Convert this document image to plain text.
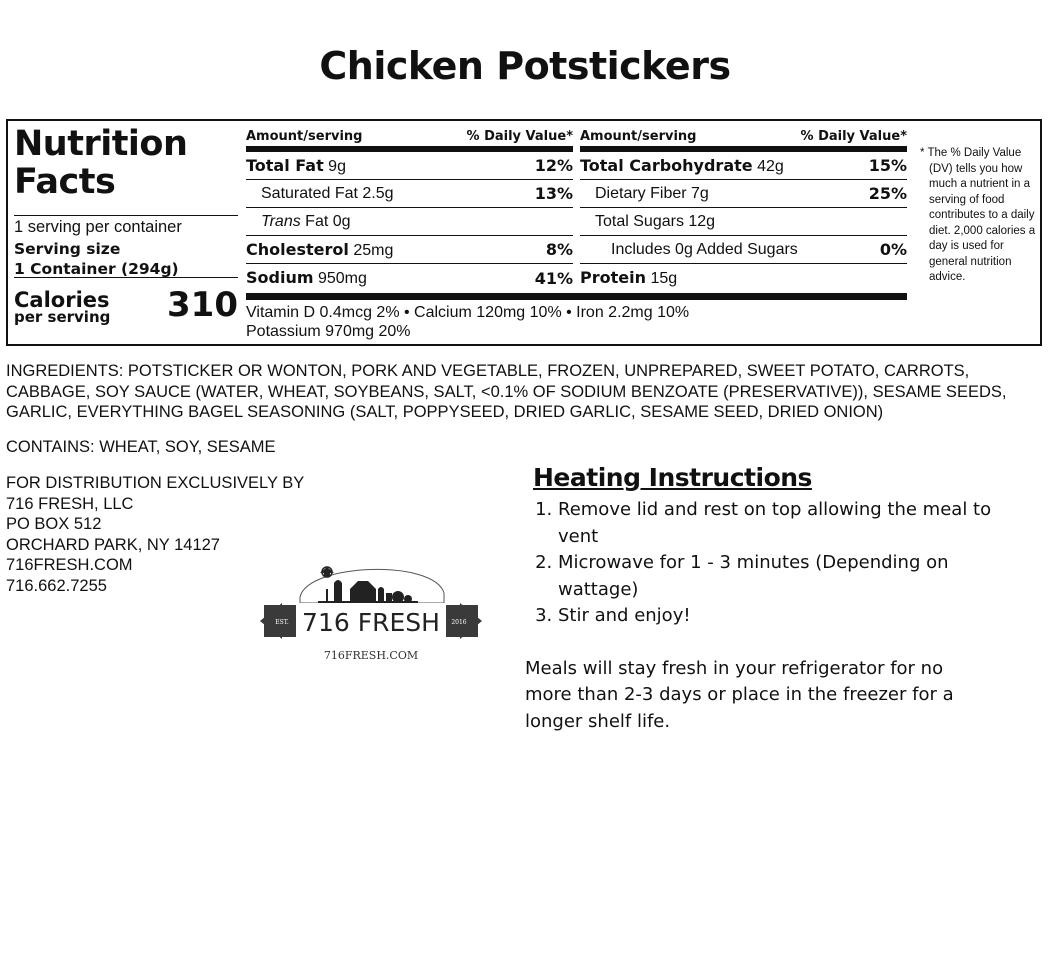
Chicken Potstickers
Nutrition
Facts
1 serving per container
Serving size
1 Container (294g)
Calories
per serving 310
Amount/serving	% Daily Value*
Total Fat 9g	12%
Saturated Fat 2.5g	13%
Trans Fat 0g
Cholesterol 25mg	8%
Sodium 950mg	41%
Amount/serving	% Daily Value*
Total Carbohydrate 42g	15%
Dietary Fiber 7g	25%
Total Sugars 12g
Includes 0g Added Sugars	0%
Protein 15g
Vitamin D 0.4mcg 2% • Calcium 120mg 10% • Iron 2.2mg 10%
Potassium 970mg 20%
* The % Daily Value
(DV) tells you how much a nutrient in a serving of food contributes to a daily diet. 2,000 calories a day is used for general nutrition advice.
INGREDIENTS: POTSTICKER OR WONTON, PORK AND VEGETABLE, FROZEN, UNPREPARED, SWEET POTATO, CARROTS, CABBAGE, SOY SAUCE (WATER, WHEAT, SOYBEANS, SALT, <0.1% OF SODIUM BENZOATE (PRESERVATIVE)), SESAME SEEDS, GARLIC, EVERYTHING BAGEL SEASONING (SALT, POPPYSEED, DRIED GARLIC, SESAME SEED, DRIED ONION)
CONTAINS: WHEAT, SOY, SESAME
FOR DISTRIBUTION EXCLUSIVELY BY
716 FRESH, LLC
PO BOX 512
ORCHARD PARK, NY 14127
716FRESH.COM
716.662.7255
EST.	2016
716 FRESH
716FRESH.COM
Heating Instructions
1. Remove lid and rest on top allowing the meal to vent
2. Microwave for 1 - 3 minutes (Depending on wattage)
3. Stir and enjoy!

Meals will stay fresh in your refrigerator for no more than 2-3 days or place in the freezer for a longer shelf life.
